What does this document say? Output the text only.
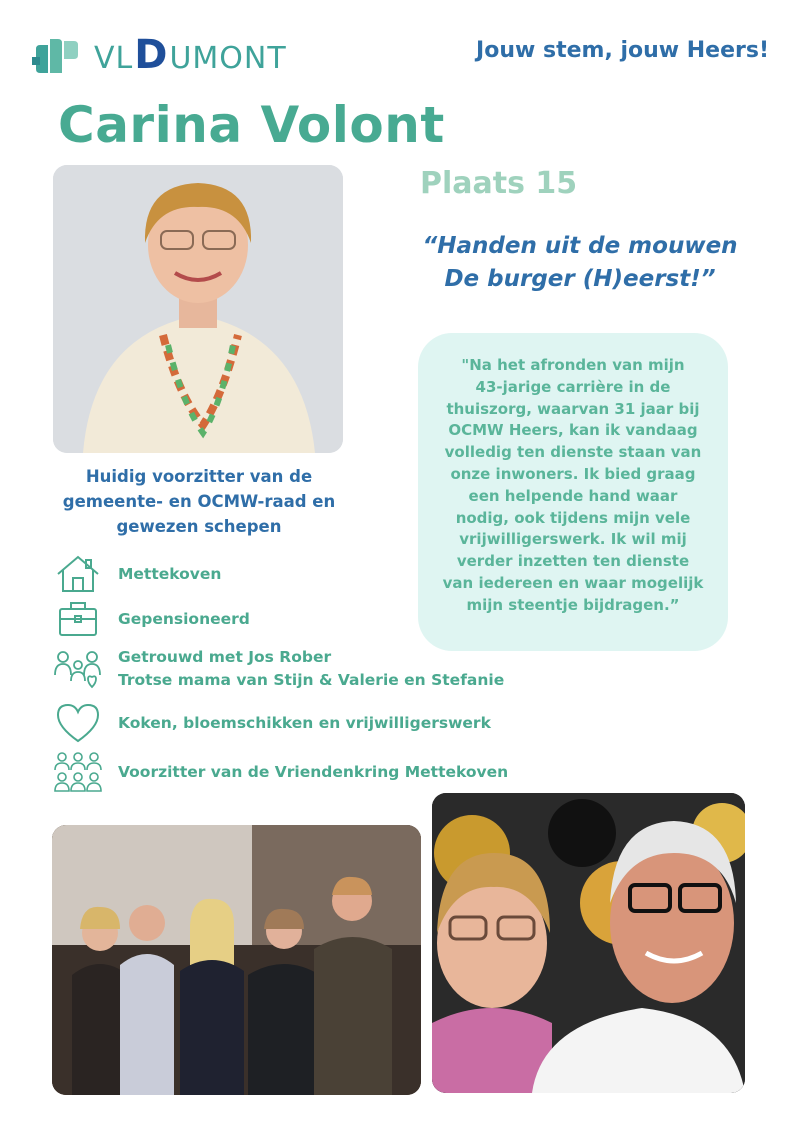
VL D UMONT	Jouw stem, jouw Heers!
Carina Volont
Plaats 15
“Handen uit de mouwen
De burger (H)eerst!”
"Na het afronden van mijn
43-jarige carrière in de
thuiszorg, waarvan 31 jaar bij
OCMW Heers, kan ik vandaag
volledig ten dienste staan van
onze inwoners. Ik bied graag
een helpende hand waar
nodig, ook tijdens mijn vele
vrijwilligerswerk. Ik wil mij
verder inzetten ten dienste
van iedereen en waar mogelijk
mijn steentje bijdragen.”
Huidig voorzitter van de
gemeente- en OCMW-raad en
gewezen schepen
Mettekoven
Gepensioneerd
Getrouwd met Jos Rober
Trotse mama van Stijn & Valerie en Stefanie
Koken, bloemschikken en vrijwilligerswerk
Voorzitter van de Vriendenkring Mettekoven
